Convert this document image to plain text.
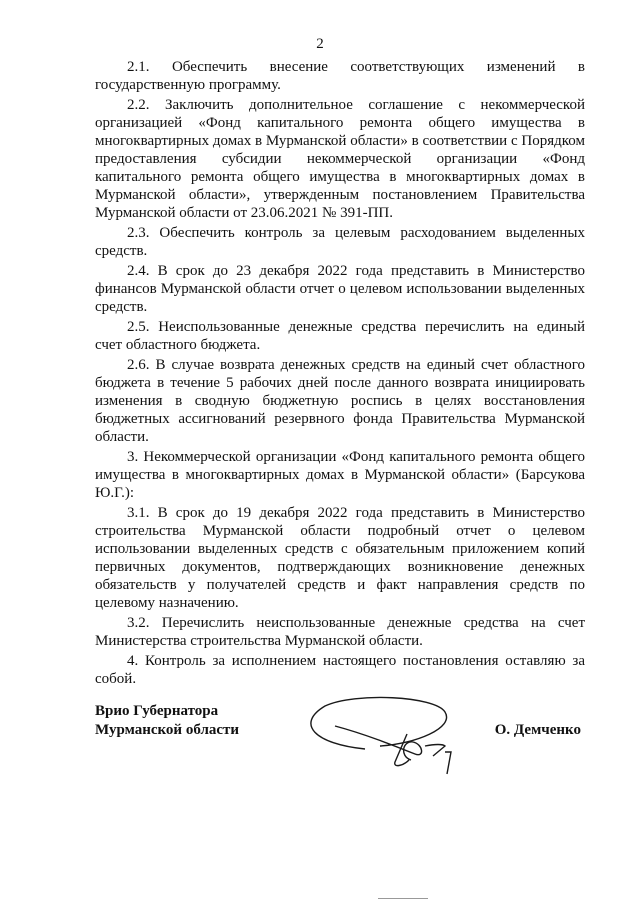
2

2.1. Обеспечить внесение соответствующих изменений в государственную программу.

2.2. Заключить дополнительное соглашение с некоммерческой организацией «Фонд капитального ремонта общего имущества в многоквартирных домах в Мурманской области» в соответствии с Порядком предоставления субсидии некоммерческой организации «Фонд капитального ремонта общего имущества в многоквартирных домах в Мурманской области», утвержденным постановлением Правительства Мурманской области от 23.06.2021 № 391-ПП.

2.3. Обеспечить контроль за целевым расходованием выделенных средств.

2.4. В срок до 23 декабря 2022 года представить в Министерство финансов Мурманской области отчет о целевом использовании выделенных средств.

2.5. Неиспользованные денежные средства перечислить на единый счет областного бюджета.

2.6. В случае возврата денежных средств на единый счет областного бюджета в течение 5 рабочих дней после данного возврата инициировать изменения в сводную бюджетную роспись в целях восстановления бюджетных ассигнований резервного фонда Правительства Мурманской области.

3. Некоммерческой организации «Фонд капитального ремонта общего имущества в многоквартирных домах в Мурманской области» (Барсукова Ю.Г.):

3.1. В срок до 19 декабря 2022 года представить в Министерство строительства Мурманской области подробный отчет о целевом использовании выделенных средств с обязательным приложением копий первичных документов, подтверждающих возникновение денежных обязательств у получателей средств и факт направления средств по целевому назначению.

3.2. Перечислить неиспользованные денежные средства на счет Министерства строительства Мурманской области.

4. Контроль за исполнением настоящего постановления оставляю за собой.

Врио Губернатора
Мурманской области	О. Демченко
